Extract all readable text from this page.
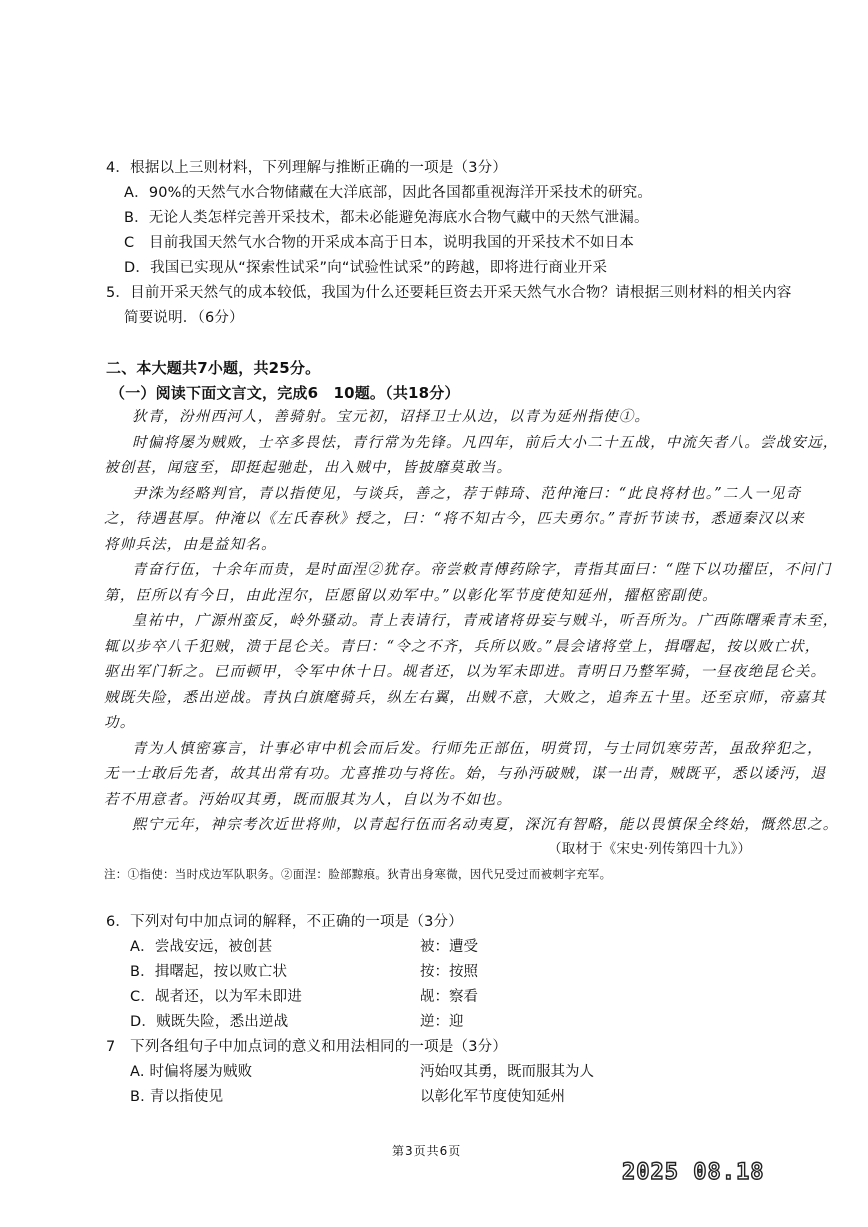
4．根据以上三则材料，下列理解与推断正确的一项是（3分）
A．90%的天然气水合物储藏在大洋底部，因此各国都重视海洋开采技术的研究。
B．无论人类怎样完善开采技术，都未必能避免海底水合物气藏中的天然气泄漏。
C　目前我国天然气水合物的开采成本高于日本，说明我国的开采技术不如日本
D．我国已实现从“探索性试采”向“试验性试采”的跨越，即将进行商业开采
5．目前开采天然气的成本较低，我国为什么还要耗巨资去开采天然气水合物？请根据三则材料的相关内容
简要说明．（6分）
二、本大题共7小题，共25分。
（一）阅读下面文言文，完成6　10题。（共18分）
狄青，汾州西河人，善骑射。宝元初，诏择卫士从边，以青为延州指使①。
时偏将屡为贼败，士卒多畏怯，青行常为先锋。凡四年，前后大小二十五战，中流矢者八。尝战安远，
被创甚，闻寇至，即挺起驰赴，出入贼中，皆披靡莫敢当。
尹洙为经略判官，青以指使见，与谈兵，善之，荐于韩琦、范仲淹曰：“此良将材也。”二人一见奇
之，待遇甚厚。仲淹以《左氏春秋》授之，曰：“将不知古今，匹夫勇尔。”青折节读书，悉通秦汉以来
将帅兵法，由是益知名。
青奋行伍，十余年而贵，是时面涅②犹存。帝尝敕青傅药除字，青指其面曰：“陛下以功擢臣，不问门
第，臣所以有今日，由此涅尔，臣愿留以劝军中。”以彰化军节度使知延州，擢枢密副使。
皇祐中，广源州蛮反，岭外骚动。青上表请行，青戒诸将毋妄与贼斗，听吾所为。广西陈曙乘青未至，
辄以步卒八千犯贼，溃于昆仑关。青曰：“令之不齐，兵所以败。”晨会诸将堂上，揖曙起，按以败亡状，
驱出军门斩之。已而顿甲，令军中休十日。觇者还，以为军未即进。青明日乃整军骑，一昼夜绝昆仑关。
贼既失险，悉出逆战。青执白旗麾骑兵，纵左右翼，出贼不意，大败之，追奔五十里。还至京师，帝嘉其
功。
青为人慎密寡言，计事必审中机会而后发。行师先正部伍，明赏罚，与士同饥寒劳苦，虽敌猝犯之，
无一士敢后先者，故其出常有功。尤喜推功与将佐。始，与孙沔破贼，谋一出青，贼既平，悉以诿沔，退
若不用意者。沔始叹其勇，既而服其为人，自以为不如也。
熙宁元年，神宗考次近世将帅，以青起行伍而名动夷夏，深沉有智略，能以畏慎保全终始，慨然思之。
（取材于《宋史·列传第四十九》）
注：①指使：当时戍边军队职务。②面涅：脸部黥痕。狄青出身寒微，因代兄受过而被刺字充军。
6．下列对句中加点词的解释，不正确的一项是（3分）
A．尝战安远，被创甚	被：遭受
B．揖曙起，按以败亡状	按：按照
C．觇者还，以为军未即进	觇：察看
D．贼既失险，悉出逆战	逆：迎
7　下列各组句子中加点词的意义和用法相同的一项是（3分）
A. 时偏将屡为贼败	沔始叹其勇，既而服其为人
B. 青以指使见	以彰化军节度使知延州
第3页共6页
2025 08.18
